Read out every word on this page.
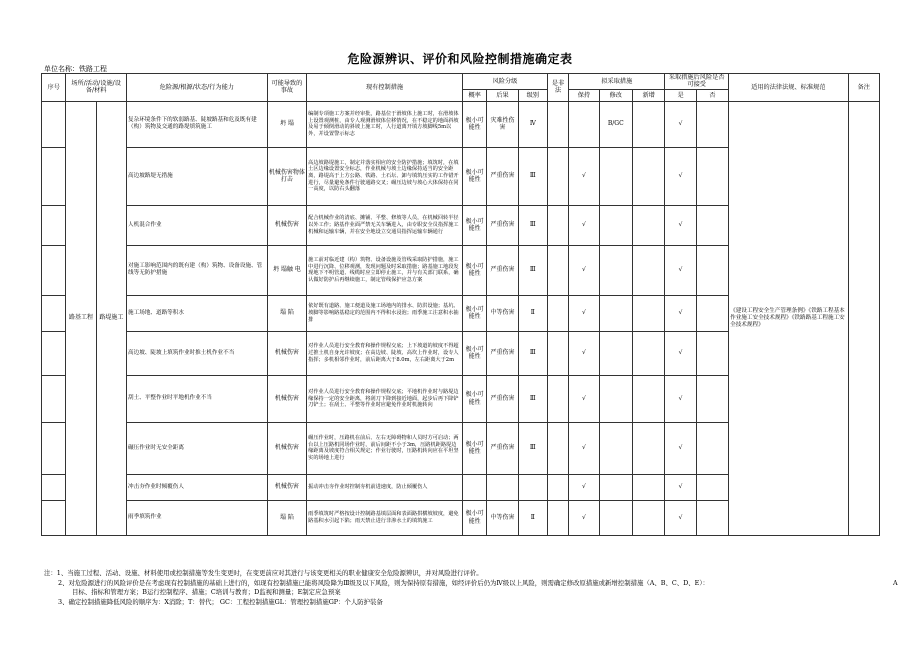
危险源辨识、评价和风险控制措施确定表
单位名称：铁路工程
序号	场所/活动/设施/设备/材料		危险源/根源/状态/行为能力	可能导致的事故	现有控制措施	风险分级			是非法	拟采取措施			采取措施后风险是否可接受		适用的法律法规、标准规范	备注
						概率	后果	级别		保持	修改	新增	是	否		
	路基工程	路堤施工	复杂环境条件下的软弱路基、陡坡路基和危及既有建（构）筑物及交通的路堤填筑施工	坍 塌	编制专项施工方案并经审批，路基位于滑坡体上施工时，在滑坡体上设置观测桩，由专人观测滑坡体位移情况，在不稳定的地面斜坡及易于倾倒滑动的斜坡上施工时，人行道离开填方坡脚线5m以外，并设置警示标志	极小可能性	灾难性伤害	Ⅳ			B/GC		√		《建设工程安全生产管理条例》《铁路工程基本作业施工安全技术规程》《铁路路基工程施工安全技术规程》	
			高边坡路堤无措施	机械伤害物体打击	高边坡路堤施工，制定并落实相应的安全防护措施；填筑时，在填土区边缘设置安全标志，作业机械与坡土边缘保持适当的安全距离，路堤高于上方公路、铁路、土石坛、卸与填筑压实的工作错开进行，尽量避免条件行驶通路交叉；碾压边坡与坡心大体保持在同一高度，以防右头翻落	极小可能性	严重伤害	Ⅲ		√			√			
			人机混合作业	机械伤害	配合机械作业的清底、摊铺、平整、修坡等人员，在机械回转半径以外工作；路基作业面严禁无关车辆进入，由专职安全员指挥施工机械和运输车辆，并在安全地设立交通员指挥运输车辆通行	极小可能性	严重伤害	Ⅲ		√			√			
			对施工影响范围内的既有建（构）筑物、设备设施、管线等无防护措施	坍 塌触 电	施工前对临近建（构）筑物、设备设施及管线采取防护措施，施工中进行沉降、位移观测，发现问题及时采取措施；路基施工地段发现地下不明管道、线缆时应立即停止施工，并与有关部门联系，确认做好防护后再继续施工，制定管线保护应急方案	极小可能性	严重伤害	Ⅲ		√			√			
			施工场地、道路等积水	塌 陷	依好既有道路、施工便道及施工场地内的排水、防洪设施；基坑、坡脚等影响路基稳定的范围内不得积水浸泡；雨季施工注意积水抽排	极小可能性	中等伤害	Ⅱ		√			√			
			高边坡、陡坡上填筑作业时推土机作业不当	机械伤害	对作业人员进行安全教育和操作规程交底；上下坡道的坡度不得超过推土机自身允许坡度；在高边坡、陡坡、高坎上作业时，设专人指挥；多机相邻作业时，前后距离大于8.0m，左右距离大于2m	极小可能性	严重伤害	Ⅲ		√			√			
			刮土、平整作业时平地机作业不当	机械伤害	对作业人员进行安全教育和操作规程交底；平地机作业时与路堤边缘保持一定的安全距离，将刮刀下降到接近地面，起步后再下降铲刀铲土；在刮土、平整等作业时应避免作业时机施转向	极小可能性	严重伤害	Ⅲ		√			√			
			碾压作业时无安全距离	机械伤害	碾压作业时，压路机在前后、左右无障碍物和人员时方可启动；两台以上压路机同场作业时，前后间距不小于3m，压路机距路堤边缘距离及坡度符合相关规定；作业行驶时，压路机转向应在平坦坚实的场地上进行	极小可能性	严重伤害	Ⅲ		√			√			
			冲击夯作业时倾覆伤人	机械伤害	振动冲击夯作业时控制夯机前进速度，防止倾覆伤人					√			√			
			雨季填筑作业	塌 陷	雨季填筑时严格按设计控制路基填层面和表面路拱横坡坡度，避免路基积水引起下陷；雨天禁止进行非渗水土的填筑施工	极小可能性	中等伤害	Ⅱ		√			√			
注：1、当施工过程、活动、设施、材料使用或控制措施等发生变更时，在变更前应对其进行与该变更相关的职业健康安全危险源辨识，并对风险进行评价。
2、对危险源进行的风险评价是在考虑现有控制措施的基础上进行的，如现有控制措施已能将风险降为Ⅲ级及以下风险，则为保持原有措施，如经评价后仍为Ⅳ级以上风险，则需确定修改原措施或新增控制措施（A、B、C、D、E）：
目标、指标和管理方案；B运行控制程序、措施；C培训与教育；D监视和测量；E制定应急预案
3、确定控制措施降低风险的顺序为：X消除；T：替代； GC：工程控制措施GL：管理控制措施GP：个人防护装备
A
